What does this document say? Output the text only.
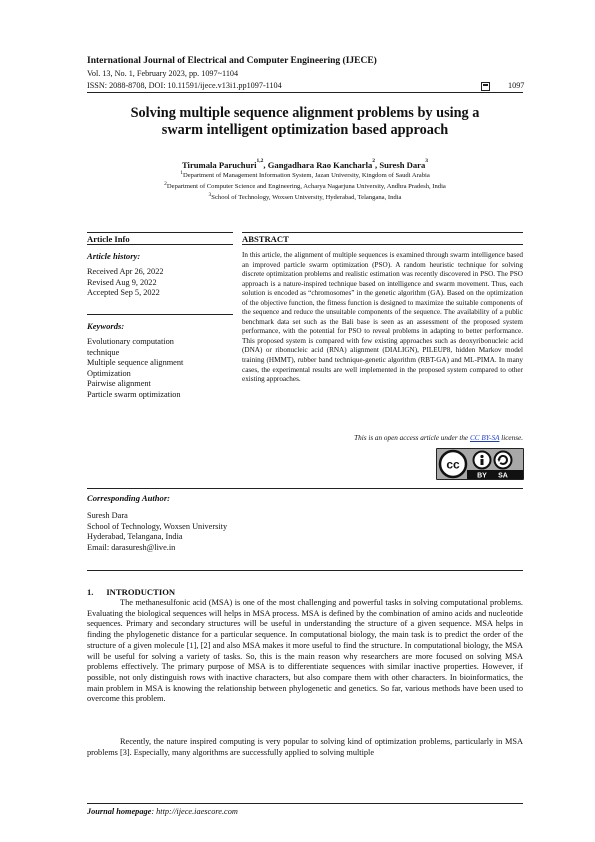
International Journal of Electrical and Computer Engineering (IJECE)
Vol. 13, No. 1, February 2023, pp. 1097~1104
ISSN: 2088-8708, DOI: 10.11591/ijece.v13i1.pp1097-1104	1097
Solving multiple sequence alignment problems by using a
swarm intelligent optimization based approach
Tirumala Paruchuri$^{1,2}$, Gangadhara Rao Kancharla$^2$, Suresh Dara$^3$
$^1$Department of Management Information System, Jazan University, Kingdom of Saudi Arabia
$^2$Department of Computer Science and Engineering, Acharya Nagarjuna University, Andhra Pradesh, India
$^3$School of Technology, Woxsen University, Hyderabad, Telangana, India
Article Info	ABSTRACT
Article history:
Received Apr 26, 2022
Revised Aug 9, 2022
Accepted Sep 5, 2022
Keywords:
Evolutionary computation
technique
Multiple sequence alignment
Optimization
Pairwise alignment
Particle swarm optimization
In this article, the alignment of multiple sequences is examined through swarm intelligence based an improved particle swarm optimization (PSO). A random heuristic technique for solving discrete optimization problems and realistic estimation was recently discovered in PSO. The PSO approach is a nature-inspired technique based on intelligence and swarm movement. Thus, each solution is encoded as “chromosomes” in the genetic algorithm (GA). Based on the optimization of the objective function, the fitness function is designed to maximize the suitable components of the sequence and reduce the unsuitable components of the sequence. The availability of a public benchmark data set such as the Bali base is seen as an assessment of the proposed system performance, with the potential for PSO to reveal problems in adapting to better performance. This proposed system is compared with few existing approaches such as deoxyribonucleic acid (DNA) or ribonucleic acid (RNA) alignment (DIALIGN), PILEUP8, hidden Markov model training (HMMT), rubber band technique-genetic algorithm (RBT-GA) and ML-PIMA. In many cases, the experimental results are well implemented in the proposed system compared to other existing approaches.
This is an open access article under the CC BY-SA license.
cc
BY SA
Corresponding Author:
Suresh Dara
School of Technology, Woxsen University
Hyderabad, Telangana, India
Email: darasuresh@live.in
1.      INTRODUCTION
The methanesulfonic acid (MSA) is one of the most challenging and powerful tasks in solving computational problems. Evaluating the biological sequences will helps in MSA process. MSA is defined by the combination of amino acids and nucleotide sequences. Primary and secondary structures will be useful in understanding the structure of a given sequence. MSA helps in finding the phylogenetic distance for a particular sequence. In computational biology, the main task is to predict the order of the structure of a given molecule [1], [2] and also MSA makes it more useful to find the structure. In computational biology, the MSA will be useful for solving a variety of tasks. So, this is the main reason why researchers are more focused on solving MSA problems effectively. The primary purpose of MSA is to differentiate sequences with similar inactive properties. However, if possible, not only distinguish rows with inactive characters, but also compare them with other characters. In bioinformatics, the main problem in MSA is knowing the relationship between phylogenetic and genetics. So far, various methods have been used to overcome this problem.
Recently, the nature inspired computing is very popular to solving kind of optimization problems, particularly in MSA problems [3]. Especially, many algorithms are successfully applied to solving multiple
Journal homepage: http://ijece.iaescore.com
